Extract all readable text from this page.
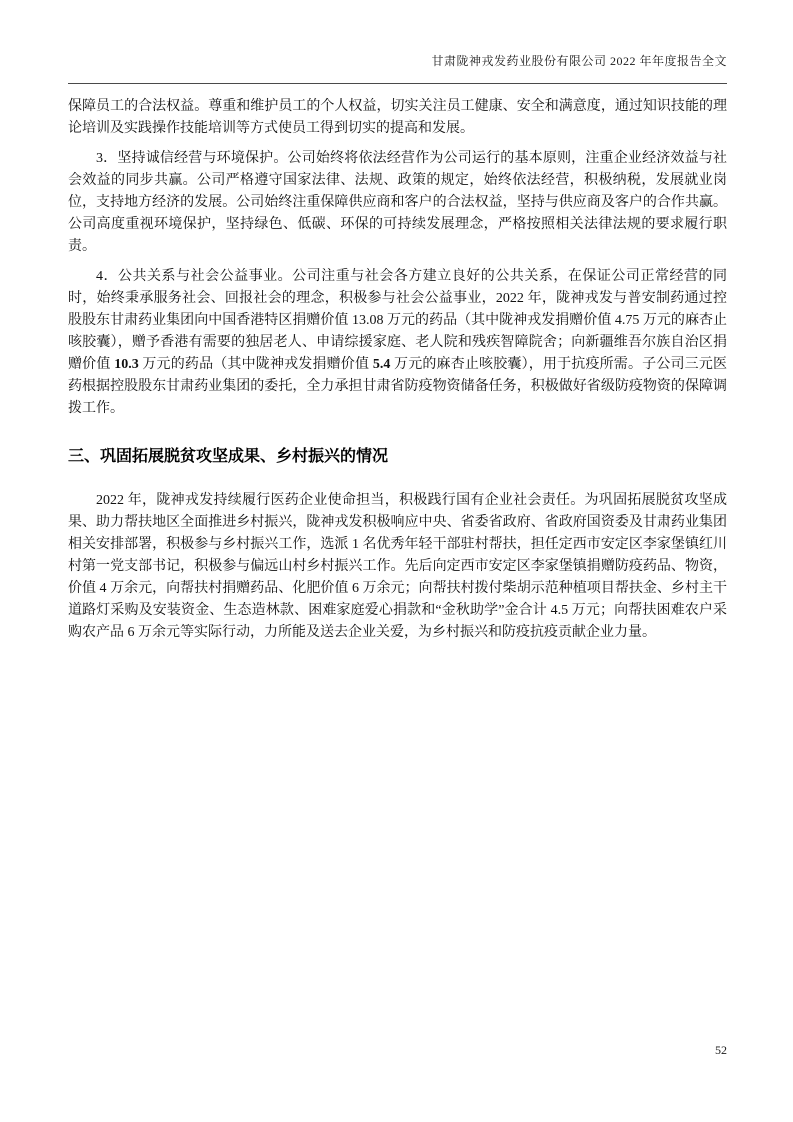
甘肃陇神戎发药业股份有限公司 2022 年年度报告全文

保障员工的合法权益。尊重和维护员工的个人权益，切实关注员工健康、安全和满意度，通过知识技能的理论培训及实践操作技能培训等方式使员工得到切实的提高和发展。

3．坚持诚信经营与环境保护。公司始终将依法经营作为公司运行的基本原则，注重企业经济效益与社会效益的同步共赢。公司严格遵守国家法律、法规、政策的规定，始终依法经营，积极纳税，发展就业岗位，支持地方经济的发展。公司始终注重保障供应商和客户的合法权益，坚持与供应商及客户的合作共赢。公司高度重视环境保护，坚持绿色、低碳、环保的可持续发展理念，严格按照相关法律法规的要求履行职责。

4．公共关系与社会公益事业。公司注重与社会各方建立良好的公共关系，在保证公司正常经营的同时，始终秉承服务社会、回报社会的理念，积极参与社会公益事业，2022 年，陇神戎发与普安制药通过控股股东甘肃药业集团向中国香港特区捐赠价值 13.08 万元的药品（其中陇神戎发捐赠价值 4.75 万元的麻杏止咳胶囊），赠予香港有需要的独居老人、申请综援家庭、老人院和残疾智障院舍；向新疆维吾尔族自治区捐赠价值 10.3 万元的药品（其中陇神戎发捐赠价值 5.4 万元的麻杏止咳胶囊），用于抗疫所需。子公司三元医药根据控股股东甘肃药业集团的委托，全力承担甘肃省防疫物资储备任务，积极做好省级防疫物资的保障调拨工作。

三、巩固拓展脱贫攻坚成果、乡村振兴的情况

2022 年，陇神戎发持续履行医药企业使命担当，积极践行国有企业社会责任。为巩固拓展脱贫攻坚成果、助力帮扶地区全面推进乡村振兴，陇神戎发积极响应中央、省委省政府、省政府国资委及甘肃药业集团相关安排部署，积极参与乡村振兴工作，选派 1 名优秀年轻干部驻村帮扶，担任定西市安定区李家堡镇红川村第一党支部书记，积极参与偏远山村乡村振兴工作。先后向定西市安定区李家堡镇捐赠防疫药品、物资，价值 4 万余元，向帮扶村捐赠药品、化肥价值 6 万余元；向帮扶村拨付柴胡示范种植项目帮扶金、乡村主干道路灯采购及安装资金、生态造林款、困难家庭爱心捐款和“金秋助学”金合计 4.5 万元；向帮扶困难农户采购农产品 6 万余元等实际行动，力所能及送去企业关爱，为乡村振兴和防疫抗疫贡献企业力量。

52
